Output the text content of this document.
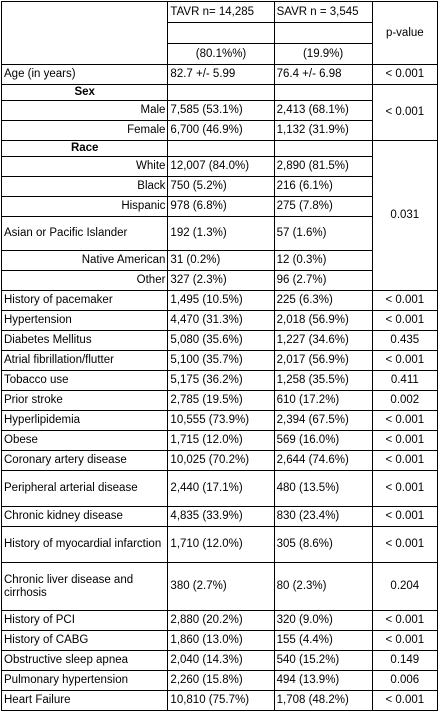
	TAVR n= 14,285	SAVR n = 3,545	p-value

	(80.1%%)	(19.9%)	
Age (in years)	82.7 +/- 5.99	76.4 +/- 6.98	< 0.001
Sex			< 0.001
Male	7,585 (53.1%)	2,413 (68.1%)	
Female	6,700 (46.9%)	1,132 (31.9%)	
Race			0.031
White	12,007 (84.0%)	2,890 (81.5%)	
Black	750 (5.2%)	216 (6.1%)	
Hispanic	978 (6.8%)	275 (7.8%)	
Asian or Pacific Islander	192 (1.3%)	57 (1.6%)	
Native American	31 (0.2%)	12 (0.3%)	
Other	327 (2.3%)	96 (2.7%)	
History of pacemaker	1,495 (10.5%)	225 (6.3%)	< 0.001
Hypertension	4,470 (31.3%)	2,018 (56.9%)	< 0.001
Diabetes Mellitus	5,080 (35.6%)	1,227 (34.6%)	0.435
Atrial fibrillation/flutter	5,100 (35.7%)	2,017 (56.9%)	< 0.001
Tobacco use	5,175 (36.2%)	1,258 (35.5%)	0.411
Prior stroke	2,785 (19.5%)	610 (17.2%)	0.002
Hyperlipidemia	10,555 (73.9%)	2,394 (67.5%)	< 0.001
Obese	1,715 (12.0%)	569 (16.0%)	< 0.001
Coronary artery disease	10,025 (70.2%)	2,644 (74.6%)	< 0.001
Peripheral arterial disease	2,440 (17.1%)	480 (13.5%)	< 0.001
Chronic kidney disease	4,835 (33.9%)	830 (23.4%)	< 0.001
History of myocardial infarction	1,710 (12.0%)	305 (8.6%)	< 0.001
Chronic liver disease and cirrhosis	380 (2.7%)	80 (2.3%)	0.204
History of PCI	2,880 (20.2%)	320 (9.0%)	< 0.001
History of CABG	1,860 (13.0%)	155 (4.4%)	< 0.001
Obstructive sleep apnea	2,040 (14.3%)	540 (15.2%)	0.149
Pulmonary hypertension	2,260 (15.8%)	494 (13.9%)	0.006
Heart Failure	10,810 (75.7%)	1,708 (48.2%)	< 0.001
